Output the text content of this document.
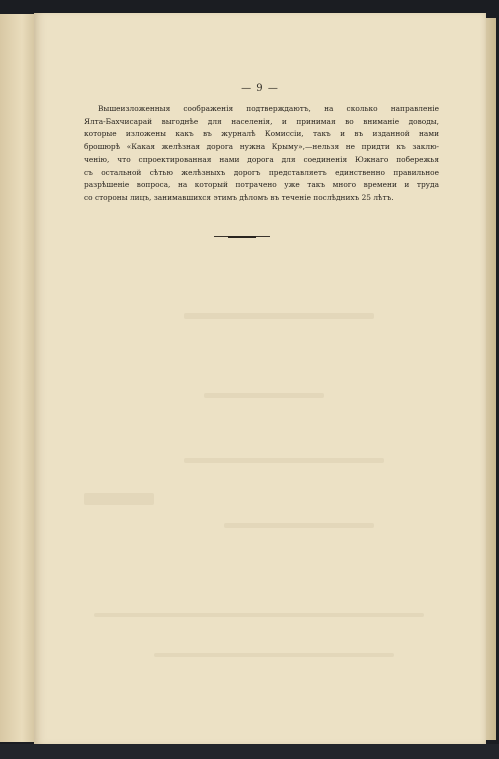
— 9 —

Вышеизложенныя соображенія подтверждаютъ, на сколько направленіе
Ялта-Бахчисарай выгоднѣе для населенія, и принимая во вниманіе доводы,
которые изложены какъ въ журналѣ Комиссіи, такъ и въ изданной нами
брошюрѣ «Какая желѣзная дорога нужна Крыму»,—нельзя не придти къ заклю-
ченію, что спроектированная нами дорога для соединенія Южнаго побережья
съ остальной сѣтью желѣзныхъ дорогъ представляетъ единственно правильное
разрѣшеніе вопроса, на который потрачено уже такъ много времени и труда
со стороны лицъ, занимавшихся этимъ дѣломъ въ теченіе послѣднихъ 25 лѣтъ.
